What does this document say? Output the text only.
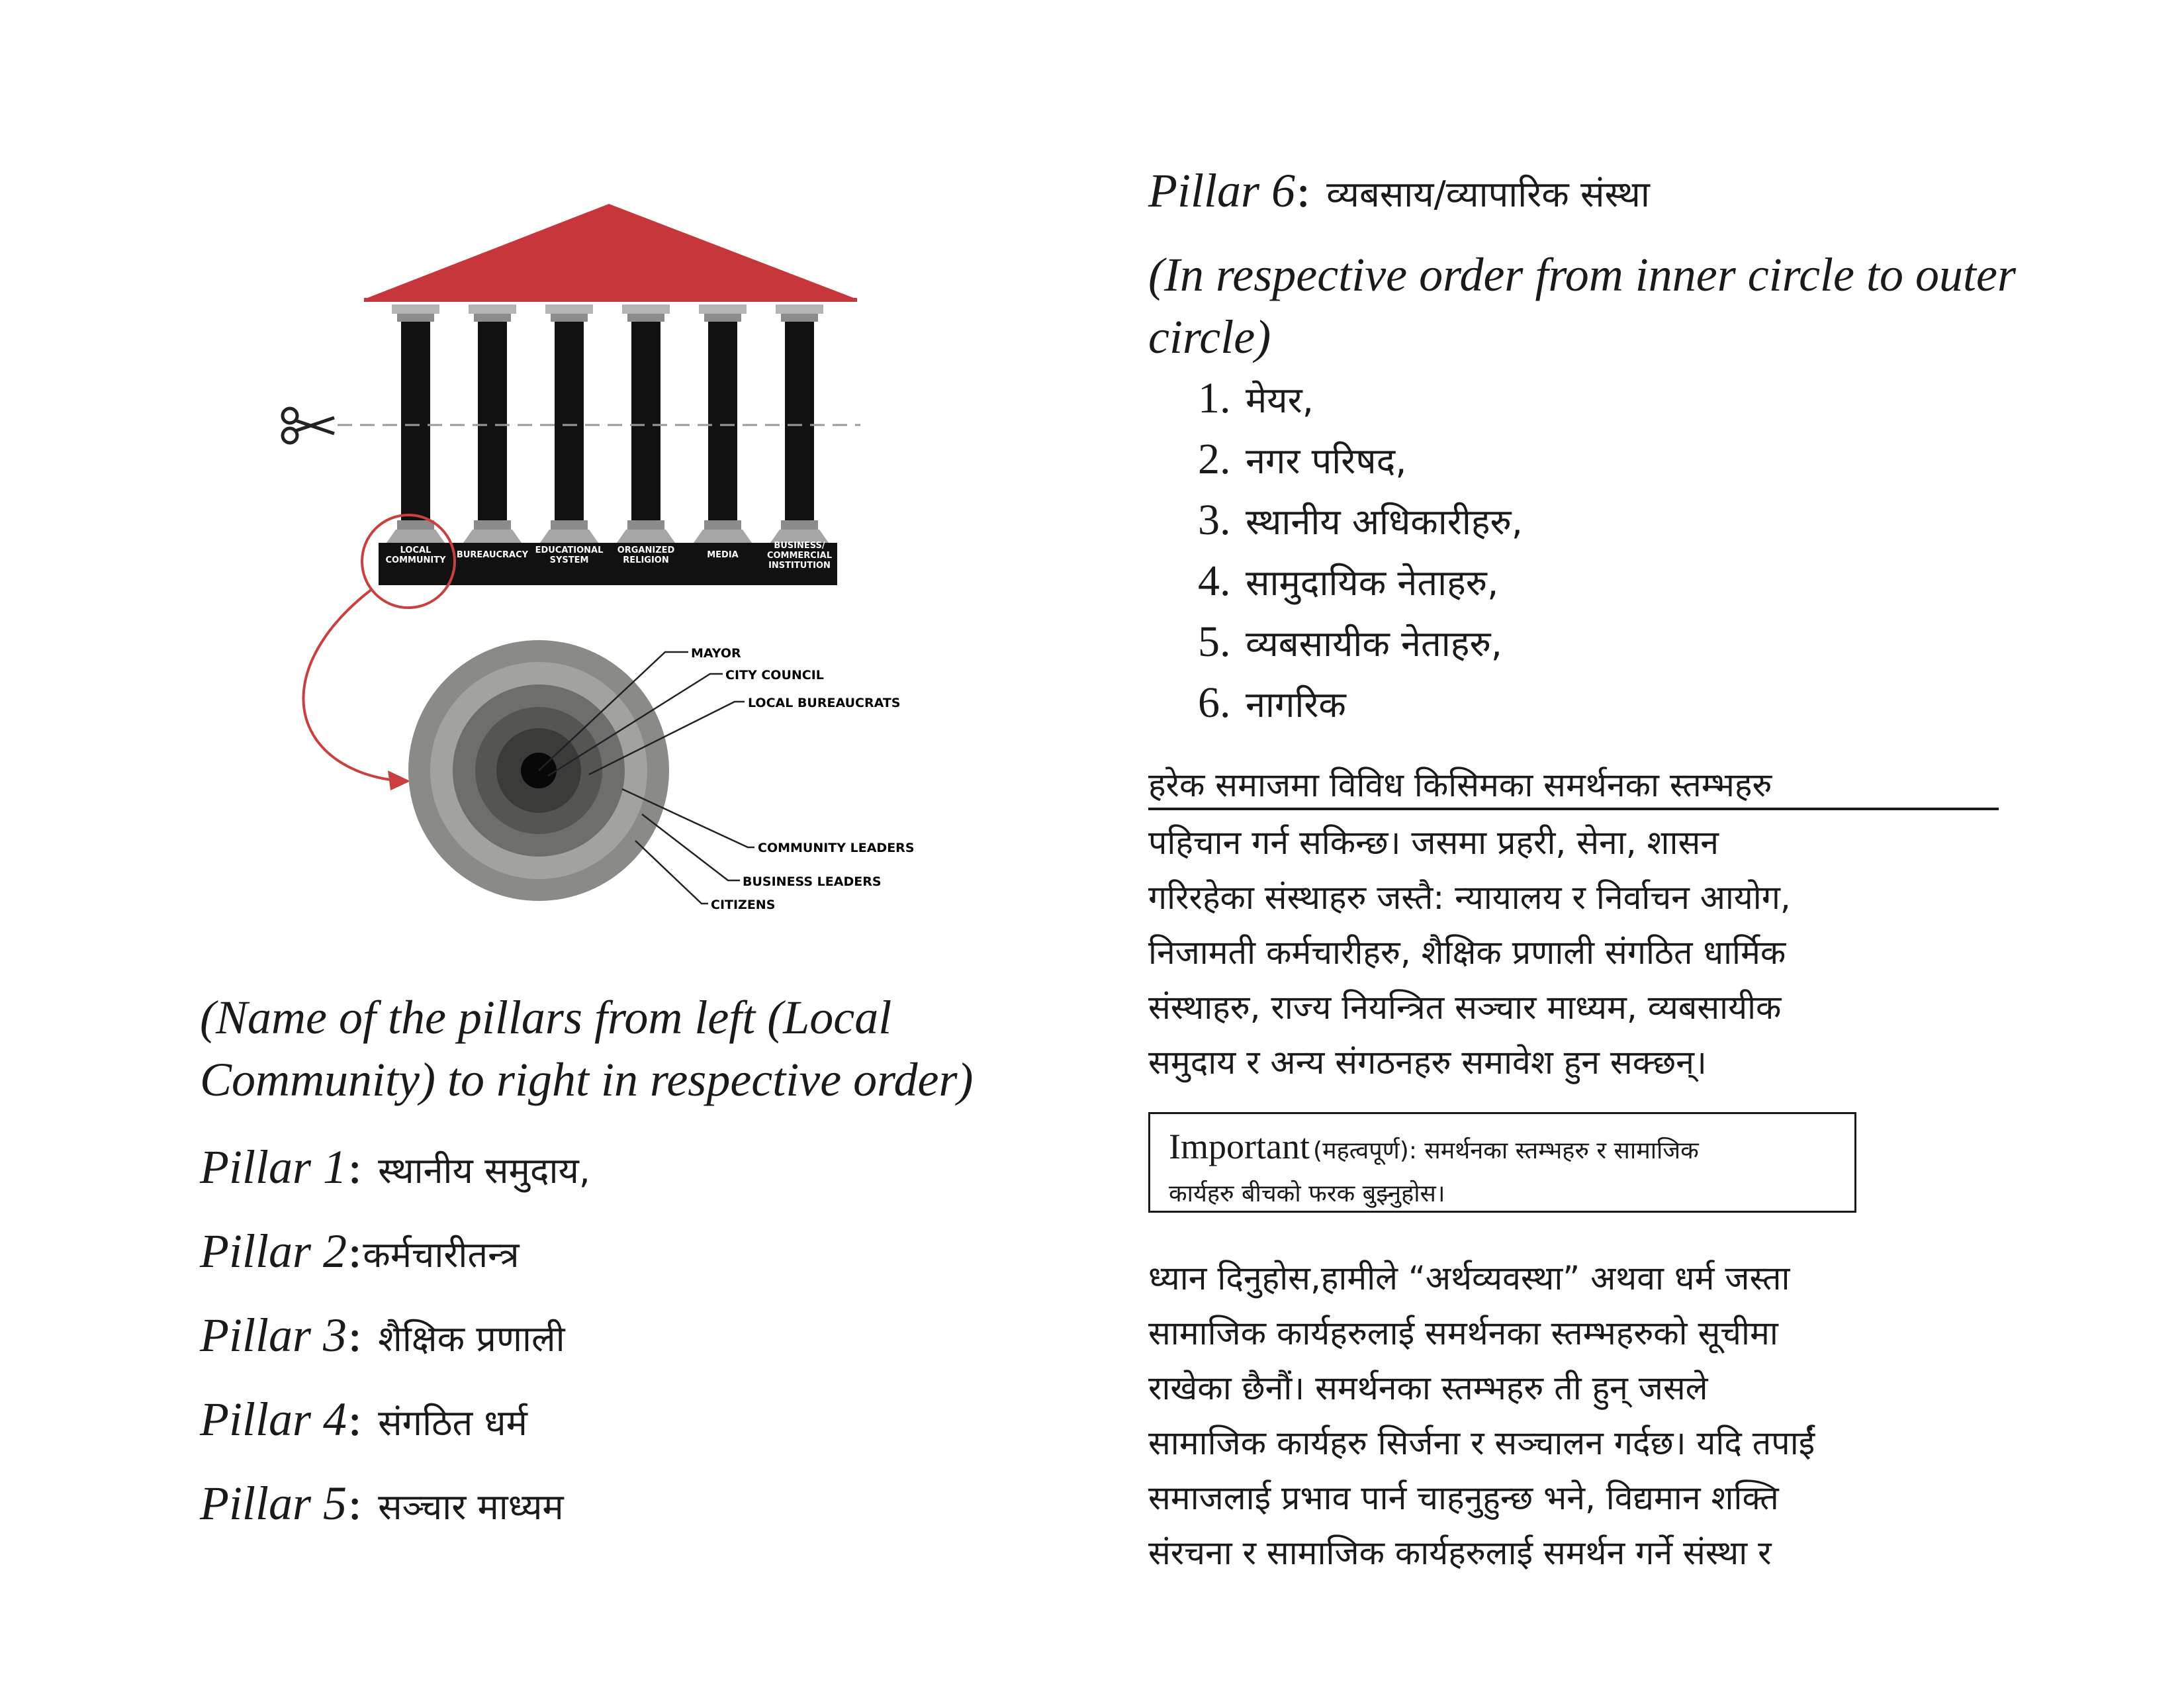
LOCAL COMMUNITY
BUREAUCRACY EDUCATIONAL SYSTEM
ORGANIZED RELIGION
MEDIA
BUSINESS/ COMMERCIAL INSTITUTION
MAYOR
CITY COUNCIL
LOCAL BUREAUCRATS
COMMUNITY LEADERS
BUSINESS LEADERS
CITIZENS
(Name of the pillars from left (Local Community) to right in respective order)
Pillar 1: स्थानीय समुदाय,
Pillar 2:कर्मचारीतन्त्र
Pillar 3: शैक्षिक प्रणाली
Pillar 4: संगठित धर्म
Pillar 5: सञ्चार माध्यम
Pillar 6: व्यबसाय/व्यापारिक संस्था
(In respective order from inner circle to outer circle)
1. मेयर,
2. नगर परिषद,
3. स्थानीय अधिकारीहरु,
4. सामुदायिक नेताहरु,
5. व्यबसायीक नेताहरु,
6. नागरिक
हरेक समाजमा विविध किसिमका समर्थनका स्तम्भहरु
पहिचान गर्न सकिन्छ। जसमा प्रहरी, सेना, शासन
गरिरहेका संस्थाहरु जस्तै: न्यायालय र निर्वाचन आयोग,
निजामती कर्मचारीहरु, शैक्षिक प्रणाली संगठित धार्मिक
संस्थाहरु, राज्य नियन्त्रित सञ्चार माध्यम, व्यबसायीक
समुदाय र अन्य संगठनहरु समावेश हुन सक्छन्।
Important (महत्वपूर्ण): समर्थनका स्तम्भहरु र सामाजिक
कार्यहरु बीचको फरक बुझ्नुहोस।
ध्यान दिनुहोस,हामीले “अर्थव्यवस्था” अथवा धर्म जस्ता
सामाजिक कार्यहरुलाई समर्थनका स्तम्भहरुको सूचीमा
राखेका छैनौं। समर्थनका स्तम्भहरु ती हुन् जसले
सामाजिक कार्यहरु सिर्जना र सञ्चालन गर्दछ। यदि तपाईं
समाजलाई प्रभाव पार्न चाहनुहुन्छ भने, विद्यमान शक्ति
संरचना र सामाजिक कार्यहरुलाई समर्थन गर्ने संस्था र
